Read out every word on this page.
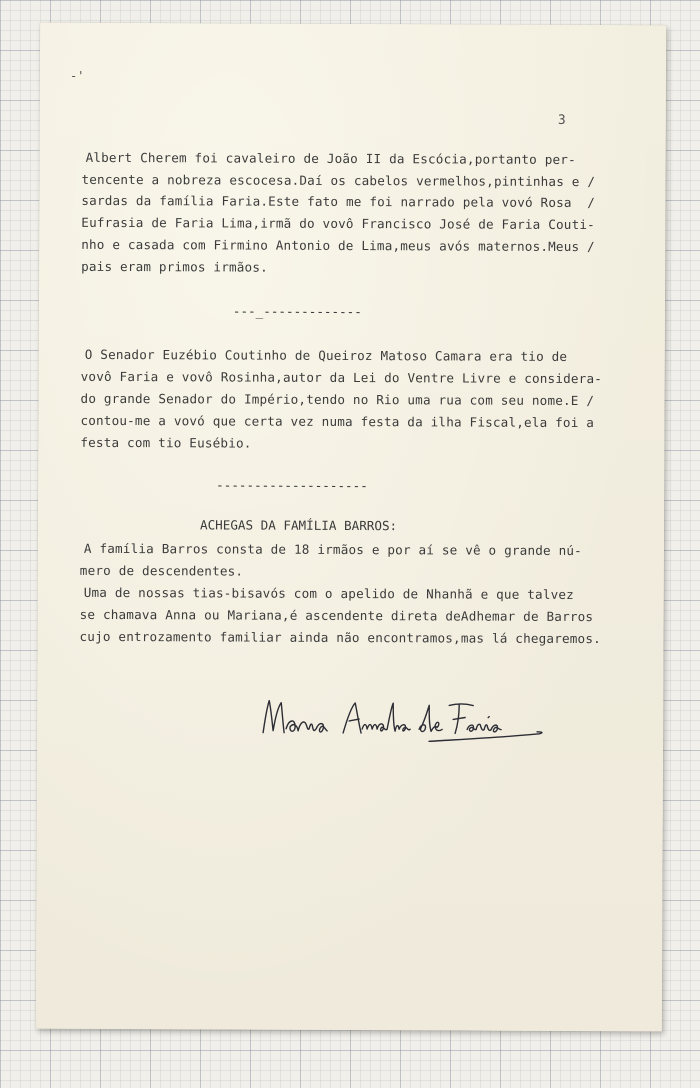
-'
3
Albert Cherem foi cavaleiro de João II da Escócia,portanto per-
tencente a nobreza escocesa.Daí os cabelos vermelhos,pintinhas e /
sardas da família Faria.Este fato me foi narrado pela vovó Rosa  /
Eufrasia de Faria Lima,irmã do vovô Francisco José de Faria Couti-
nho e casada com Firmino Antonio de Lima,meus avós maternos.Meus /
pais eram primos irmãos.
---_-------------
O Senador Euzébio Coutinho de Queiroz Matoso Camara era tio de
vovô Faria e vovô Rosinha,autor da Lei do Ventre Livre e considera-
do grande Senador do Império,tendo no Rio uma rua com seu nome.E /
contou-me a vovó que certa vez numa festa da ilha Fiscal,ela foi a
festa com tio Eusébio.
--------------------
ACHEGAS DA FAMÍLIA BARROS:
A família Barros consta de 18 irmãos e por aí se vê o grande nú-
mero de descendentes.
Uma de nossas tias-bisavós com o apelido de Nhanhã e que talvez
se chamava Anna ou Mariana,é ascendente direta deAdhemar de Barros
cujo entrozamento familiar ainda não encontramos,mas lá chegaremos.
